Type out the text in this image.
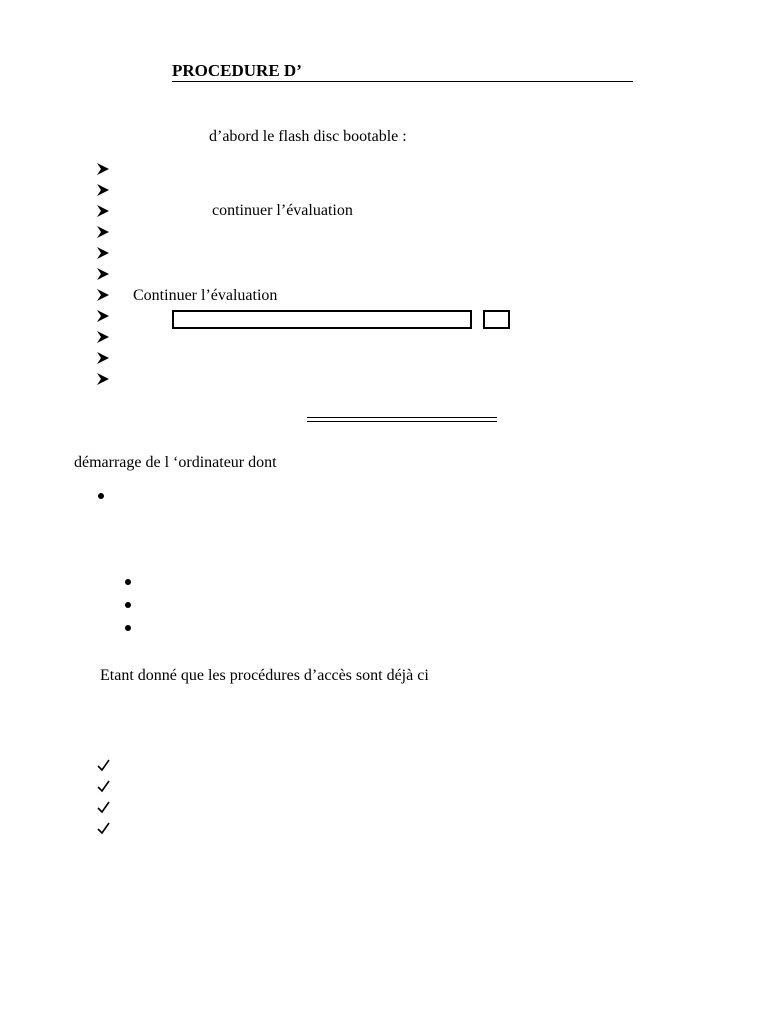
PROCEDURE D’
d’abord le flash disc bootable :
continuer l’évaluation
Continuer l’évaluation
démarrage de l ‘ordinateur dont
Etant donné que les procédures d’accès sont déjà ci
